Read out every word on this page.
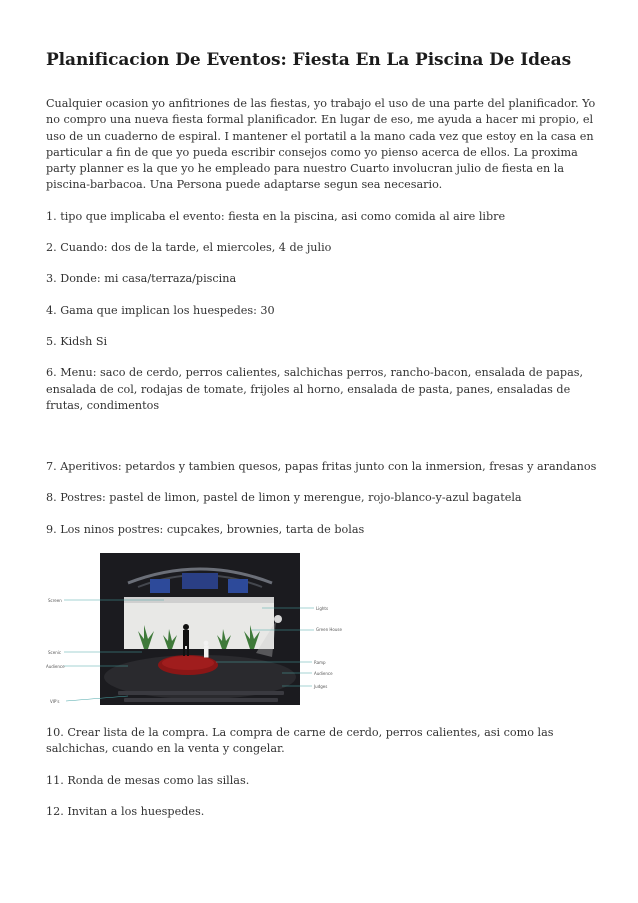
Planificacion De Eventos: Fiesta En La Piscina De Ideas

Cualquier ocasion yo anfitriones de las fiestas, yo trabajo el uso de una parte del planificador. Yo no compro una nueva fiesta formal planificador. En lugar de eso, me ayuda a hacer mi propio, el uso de un cuaderno de espiral. I mantener el portatil a la mano cada vez que estoy en la casa en particular a fin de que yo pueda escribir consejos como yo pienso acerca de ellos. La proxima party planner es la que yo he empleado para nuestro Cuarto involucran julio de fiesta en la piscina-barbacoa. Una Persona puede adaptarse segun sea necesario.

1. tipo que implicaba el evento: fiesta en la piscina, asi como comida al aire libre

2. Cuando: dos de la tarde, el miercoles, 4 de julio

3. Donde: mi casa/terraza/piscina

4. Gama que implican los huespedes: 30

5. Kidsh Si

6. Menu: saco de cerdo, perros calientes, salchichas perros, rancho-bacon, ensalada de papas, ensalada de col, rodajas de tomate, frijoles al horno, ensalada de pasta, panes, ensaladas de frutas, condimentos

7. Aperitivos: petardos y tambien quesos, papas fritas junto con la inmersion, fresas y arandanos

8. Postres: pastel de limon, pastel de limon y merengue, rojo-blanco-y-azul bagatela

9. Los ninos postres: cupcakes, brownies, tarta de bolas

Screen
Scenic
Audience
VIP's
Lights
Green House
Ramp
Audience
Judges

10. Crear lista de la compra. La compra de carne de cerdo, perros calientes, asi como las salchichas, cuando en la venta y congelar.

11. Ronda de mesas como las sillas.

12. Invitan a los huespedes.
